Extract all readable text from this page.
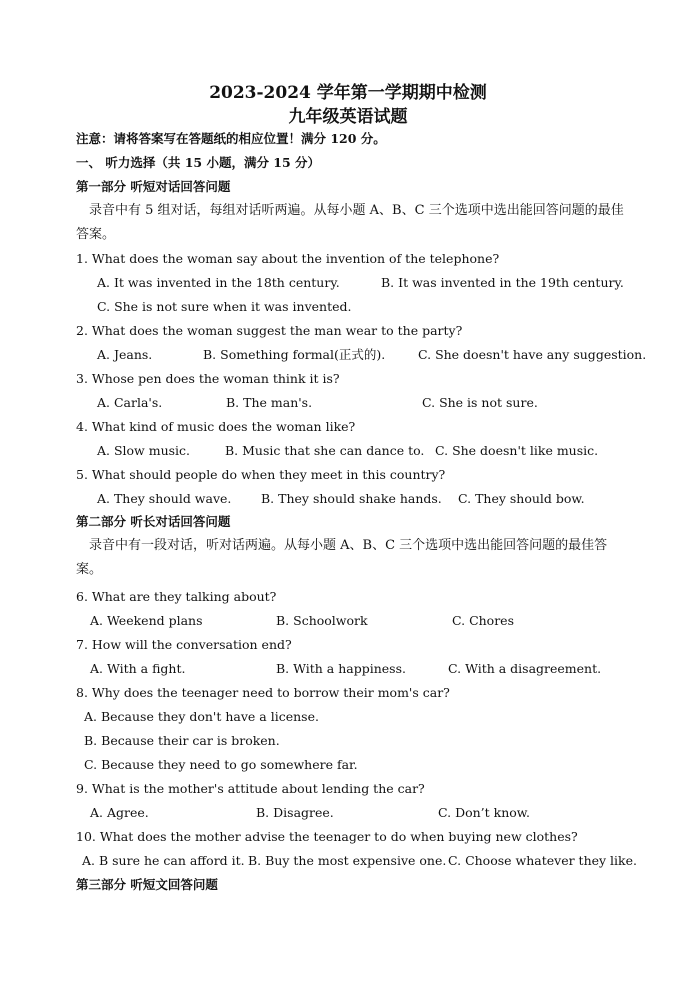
2023-2024 学年第一学期期中检测
九年级英语试题
注意：请将答案写在答题纸的相应位置！满分 120 分。
一、 听力选择（共 15 小题，满分 15 分）
第一部分 听短对话回答问题
录音中有 5 组对话，每组对话听两遍。从每小题 A、B、C 三个选项中选出能回答问题的最佳答案。
1. What does the woman say about the invention of the telephone?
A. It was invented in the 18th century.	B. It was invented in the 19th century.
C. She is not sure when it was invented.
2. What does the woman suggest the man wear to the party?
A. Jeans.	B. Something formal(正式的).	C. She doesn't have any suggestion.
3. Whose pen does the woman think it is?
A. Carla's.	B. The man's.	C. She is not sure.
4. What kind of music does the woman like?
A. Slow music.	B. Music that she can dance to. C. She doesn't like music.
5. What should people do when they meet in this country?
A. They should wave. B. They should shake hands. C. They should bow.
第二部分 听长对话回答问题
录音中有一段对话，听对话两遍。从每小题 A、B、C 三个选项中选出能回答问题的最佳答案。
6. What are they talking about?
A. Weekend plans	B. Schoolwork	C. Chores
7. How will the conversation end?
A. With a fight.	B. With a happiness.	C. With a disagreement.
8. Why does the teenager need to borrow their mom's car?
A. Because they don't have a license.
B. Because their car is broken.
C. Because they need to go somewhere far.
9. What is the mother's attitude about lending the car?
A. Agree.	B. Disagree.	C. Don’t know.
10. What does the mother advise the teenager to do when buying new clothes?
A. B sure he can afford it. B. Buy the most expensive one. C. Choose whatever they like.
第三部分 听短文回答问题
